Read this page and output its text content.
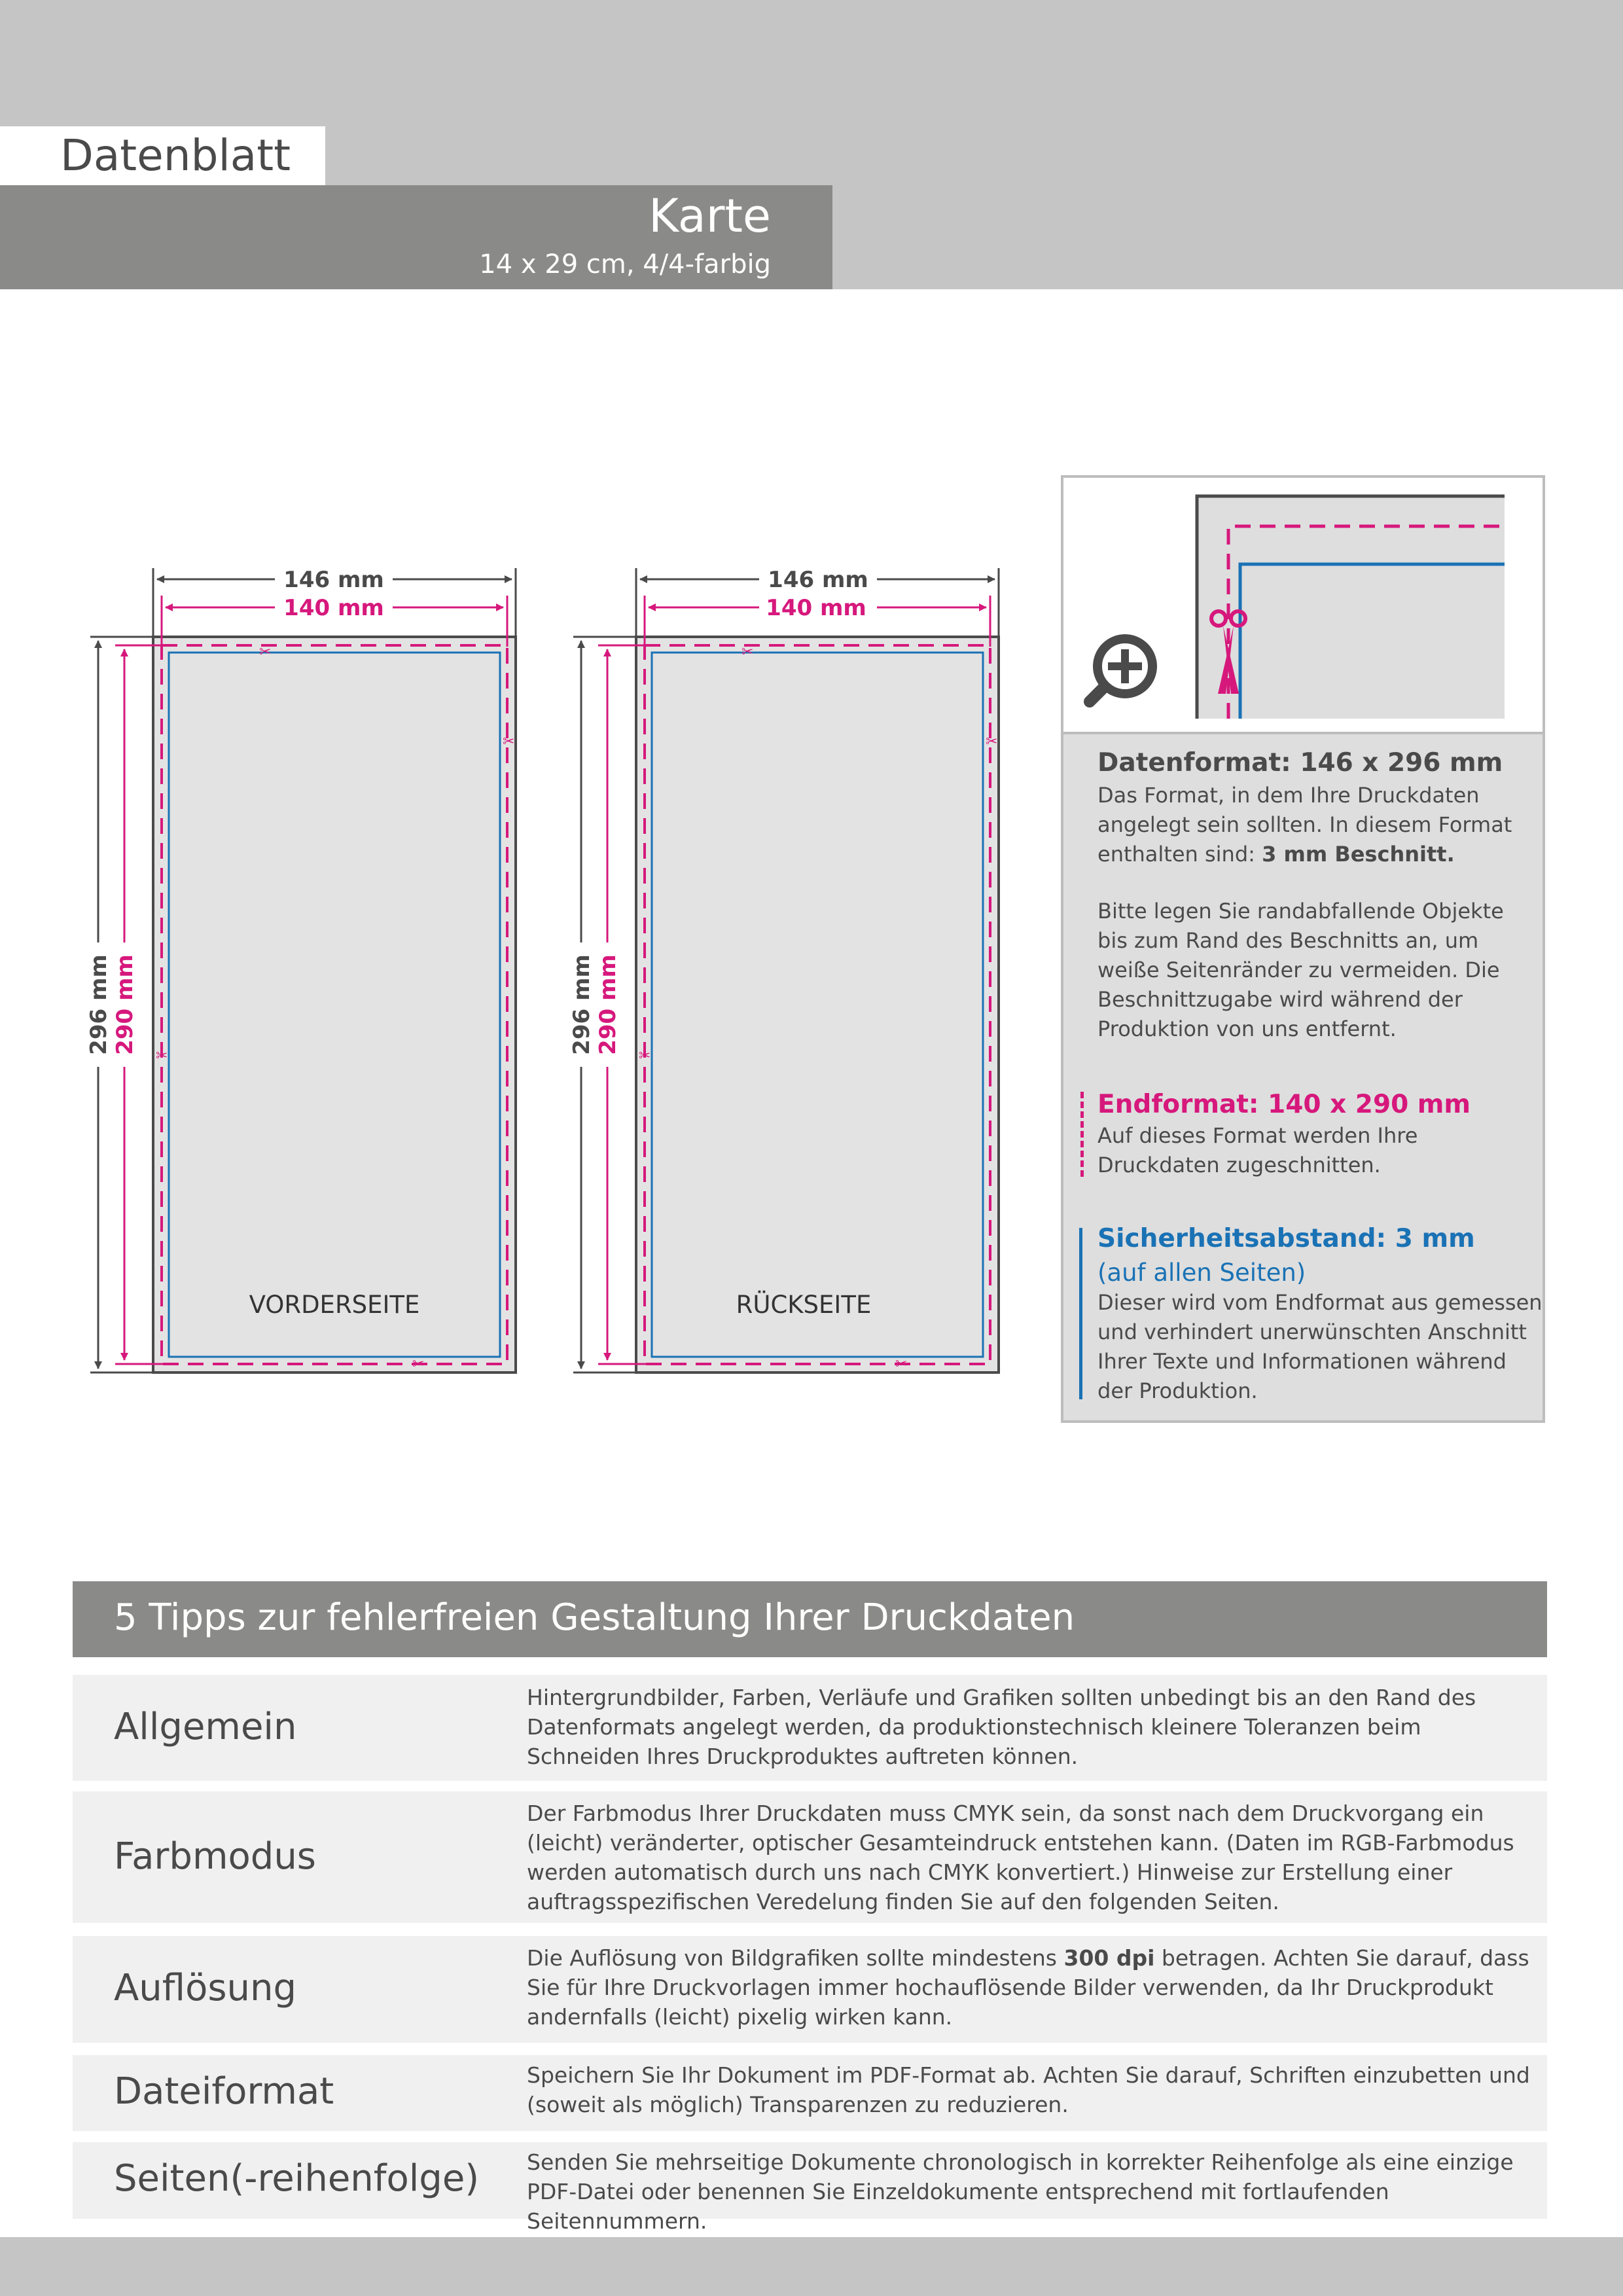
Datenblatt
Karte
14 x 29 cm, 4/4-farbig
✂
✂
✂
✂
146 mm
140 mm
296 mm 290 mm
VORDERSEITE
✂
✂
✂
✂
146 mm
140 mm
296 mm 290 mm
RÜCKSEITE
Datenformat: 146 x 296 mm
Das Format, in dem Ihre Druckdaten angelegt sein sollten. In diesem Format enthalten sind: 3 mm Beschnitt.
Bitte legen Sie randabfallende Objekte bis zum Rand des Beschnitts an, um weiße Seitenränder zu vermeiden. Die Beschnittzugabe wird während der Produktion von uns entfernt.
Endformat: 140 x 290 mm
Auf dieses Format werden Ihre Druckdaten zugeschnitten.
Sicherheitsabstand: 3 mm
(auf allen Seiten)
Dieser wird vom Endformat aus gemessen und verhindert unerwünschten Anschnitt Ihrer Texte und Informationen während der Produktion.
5 Tipps zur fehlerfreien Gestaltung Ihrer Druckdaten
Allgemein
Hintergrundbilder, Farben, Verläufe und Grafiken sollten unbedingt bis an den Rand des Datenformats angelegt werden, da produktionstechnisch kleinere Toleranzen beim Schneiden Ihres Druckproduktes auftreten können.
Farbmodus
Der Farbmodus Ihrer Druckdaten muss CMYK sein, da sonst nach dem Druckvorgang ein (leicht) veränderter, optischer Gesamteindruck entstehen kann. (Daten im RGB-Farbmodus werden automatisch durch uns nach CMYK konvertiert.) Hinweise zur Erstellung einer auftragsspezifischen Veredelung finden Sie auf den folgenden Seiten.
Auflösung
Die Auflösung von Bildgrafiken sollte mindestens 300 dpi betragen. Achten Sie darauf, dass Sie für Ihre Druckvorlagen immer hochauflösende Bilder verwenden, da Ihr Druckprodukt andernfalls (leicht) pixelig wirken kann.
Dateiformat	Speichern Sie Ihr Dokument im PDF-Format ab. Achten Sie darauf, Schriften einzubetten und (soweit als möglich) Transparenzen zu reduzieren.
Seiten(-reihenfolge) Senden Sie mehrseitige Dokumente chronologisch in korrekter Reihenfolge als eine einzige PDF-Datei oder benennen Sie Einzeldokumente entsprechend mit fortlaufenden Seitennummern.
